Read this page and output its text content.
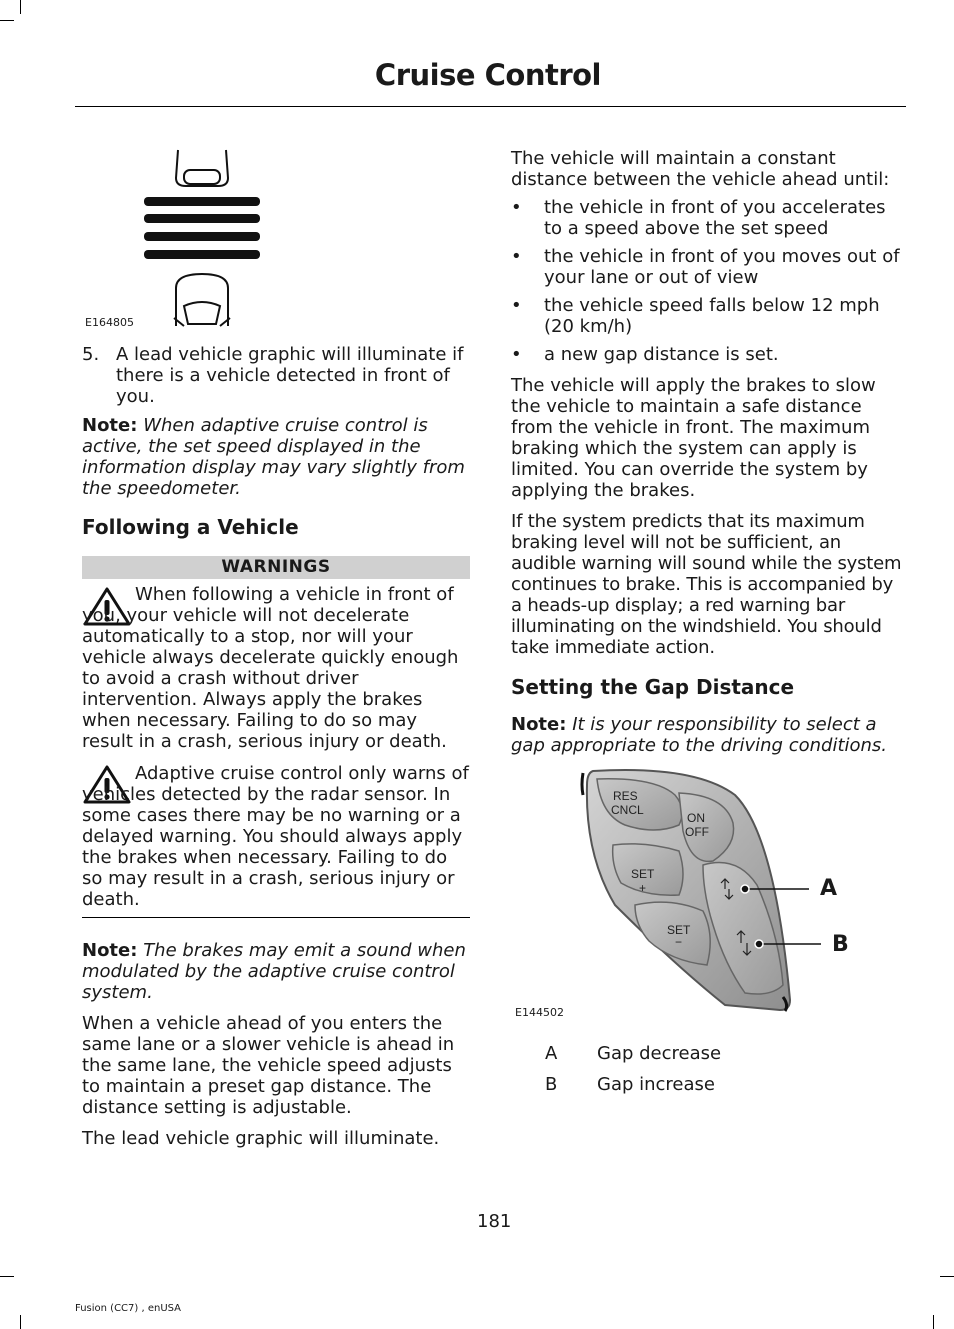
Cruise Control
E164805
5. A lead vehicle graphic will illuminate if there is a vehicle detected in front of you.

Note: When adaptive cruise control is active, the set speed displayed in the information display may vary slightly from the speedometer.

Following a Vehicle
WARNINGS

When following a vehicle in front of you, your vehicle will not decelerate automatically to a stop, nor will your vehicle always decelerate quickly enough to avoid a crash without driver intervention. Always apply the brakes when necessary. Failing to do so may result in a crash, serious injury or death.

Adaptive cruise control only warns of vehicles detected by the radar sensor. In some cases there may be no warning or a delayed warning. You should always apply the brakes when necessary. Failing to do so may result in a crash, serious injury or death.

Note: The brakes may emit a sound when modulated by the adaptive cruise control system.

When a vehicle ahead of you enters the same lane or a slower vehicle is ahead in the same lane, the vehicle speed adjusts to maintain a preset gap distance. The distance setting is adjustable.

The lead vehicle graphic will illuminate.

The vehicle will maintain a constant distance between the vehicle ahead until:

• the vehicle in front of you accelerates to a speed above the set speed
• the vehicle in front of you moves out of your lane or out of view
• the vehicle speed falls below 12 mph (20 km/h)
• a new gap distance is set.

The vehicle will apply the brakes to slow the vehicle to maintain a safe distance from the vehicle in front. The maximum braking which the system can apply is limited. You can override the system by applying the brakes.

If the system predicts that its maximum braking level will not be sufficient, an audible warning will sound while the system continues to brake. This is accompanied by a heads-up display; a red warning bar illuminating on the windshield. You should take immediate action.

Setting the Gap Distance

Note: It is your responsibility to select a gap appropriate to the driving conditions.

RES
CNCL
ON
OFF
SET
+
SET
−
A
B
E144502
A Gap decrease
B Gap increase
181
Fusion (CC7) , enUSA
